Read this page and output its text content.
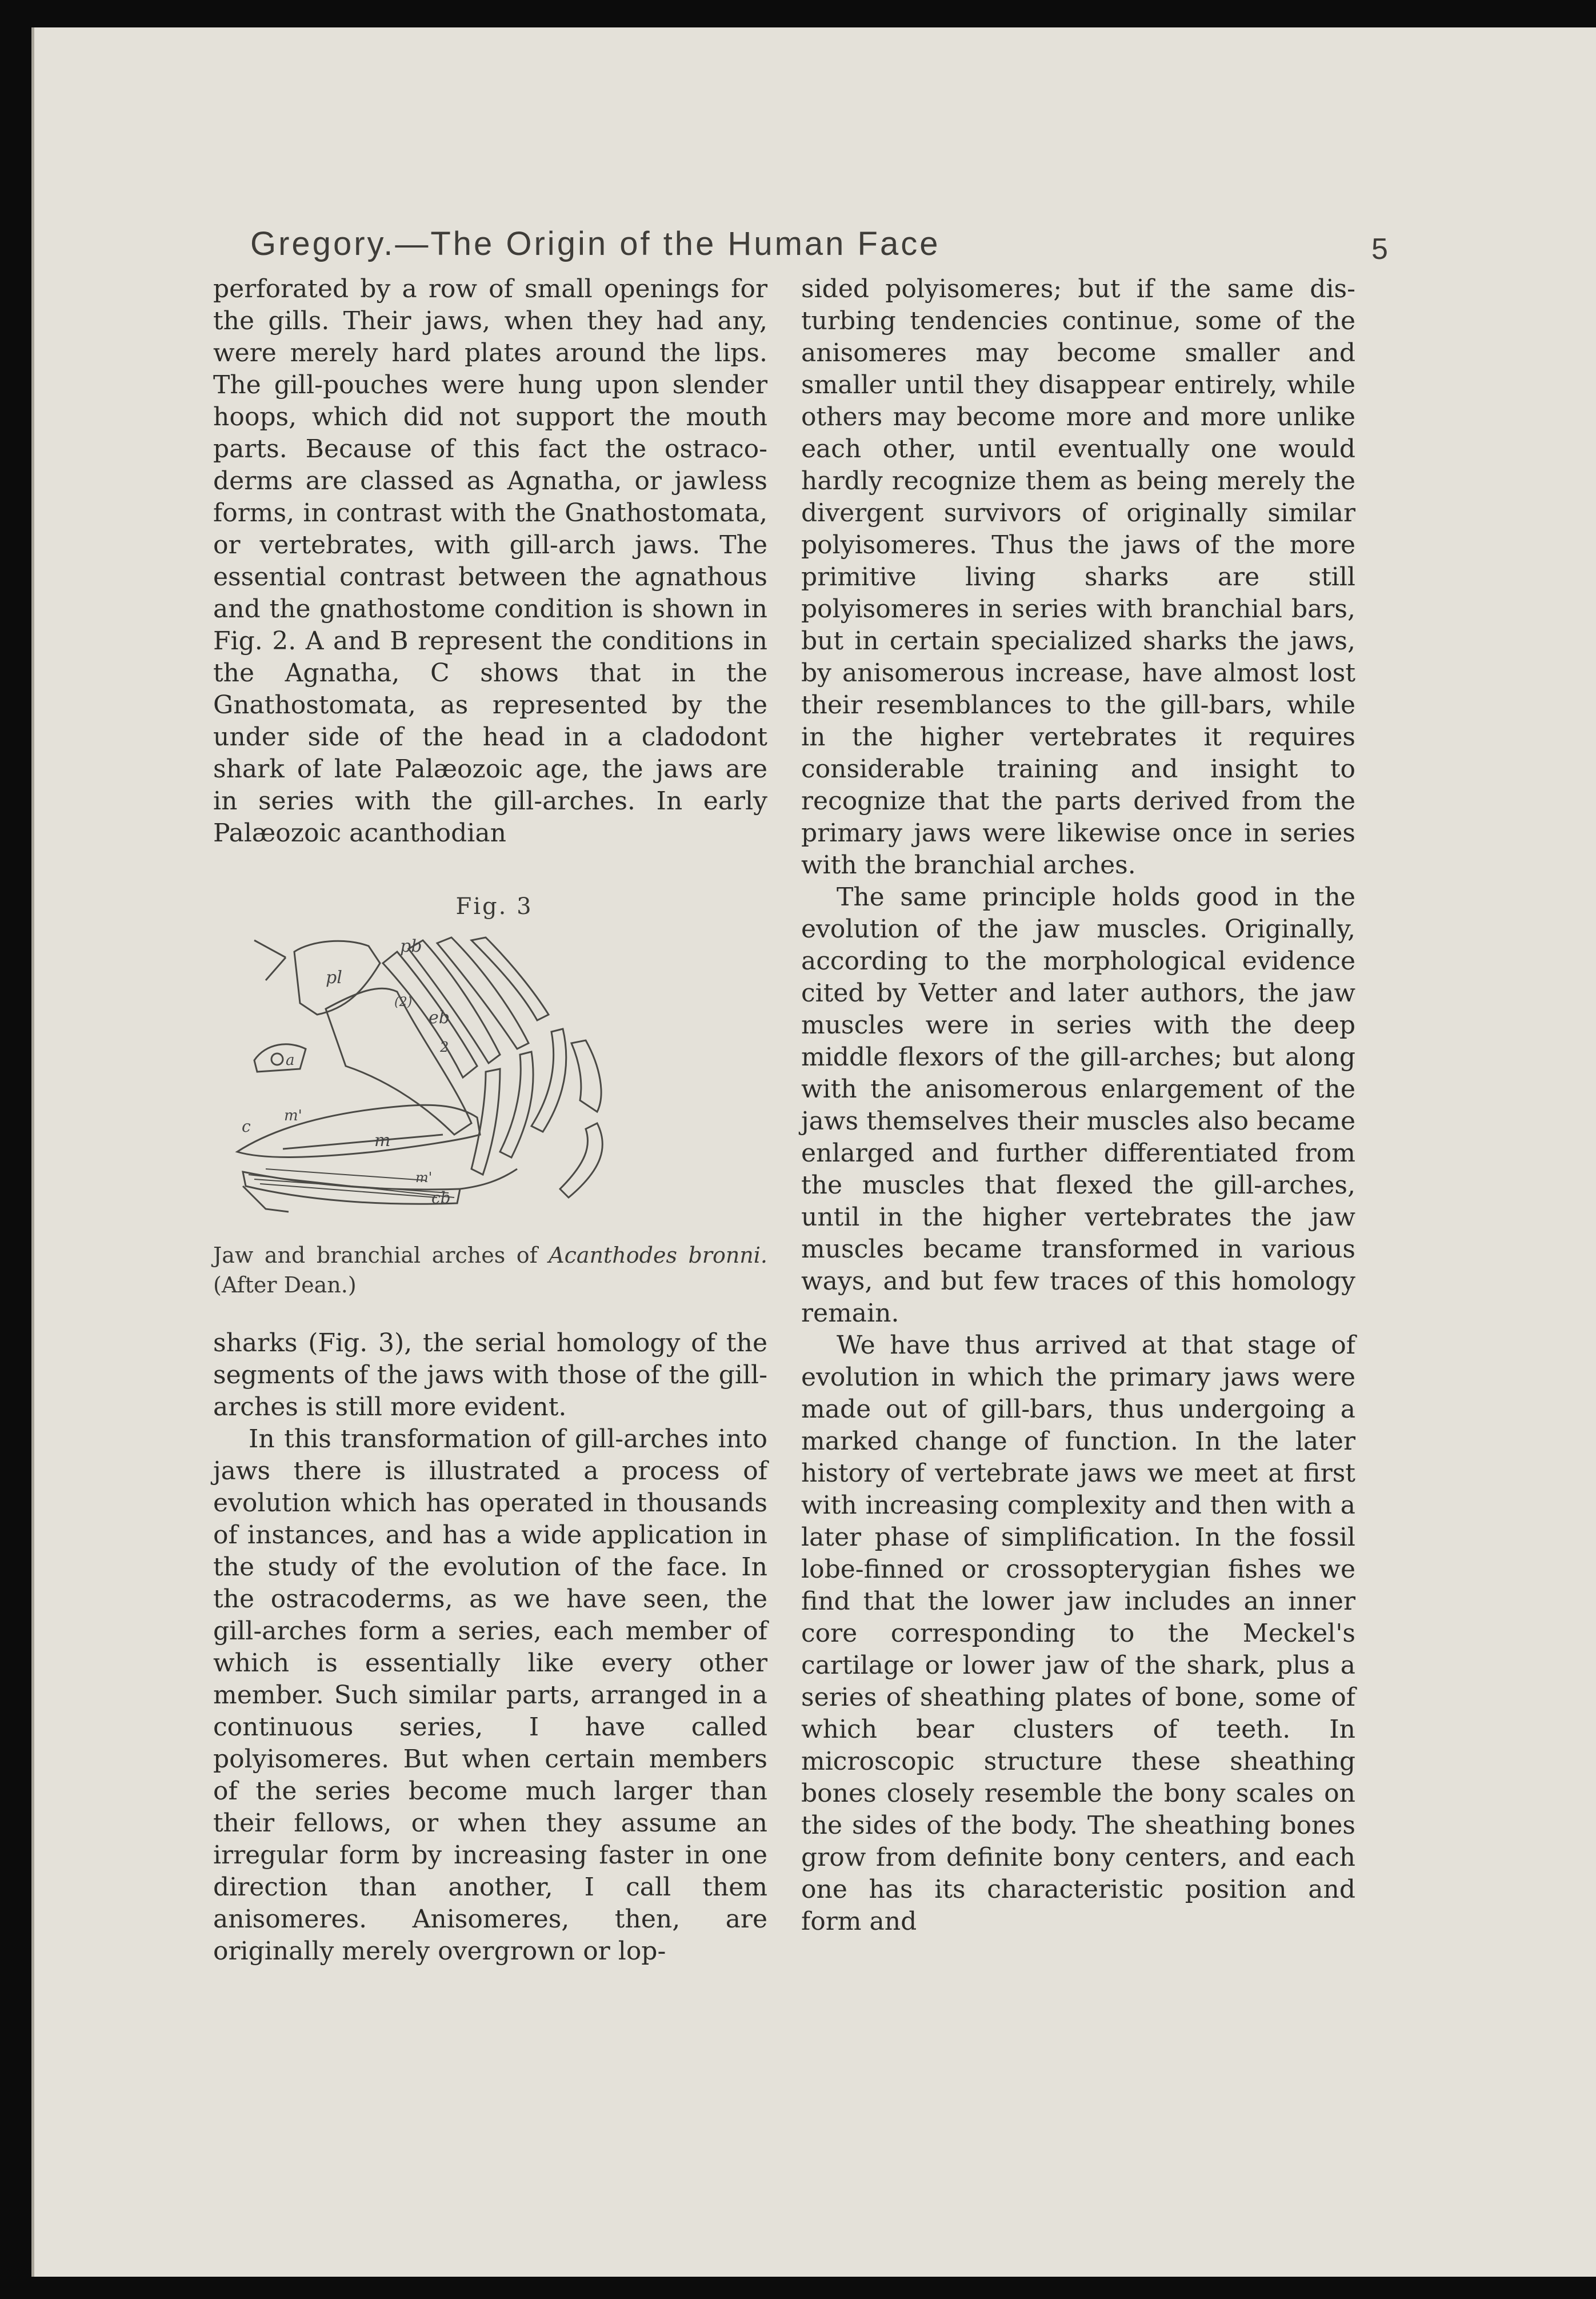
Gregory.—The Origin of the Human Face	5

perforated by a row of small openings for the gills. Their jaws, when they had any, were merely hard plates around the lips. The gill-pouches were hung upon slender hoops, which did not support the mouth parts. Because of this fact the ostracoderms are classed as Agnatha, or jawless forms, in contrast with the Gnathostomata, or vertebrates, with gill-arch jaws. The essential contrast between the agnathous and the gnathostome condition is shown in Fig. 2. A and B represent the conditions in the Agnatha, C shows that in the Gnathostomata, as represented by the under side of the head in a cladodont shark of late Palæozoic age, the jaws are in series with the gill-arches. In early Palæozoic acanthodian

Fig. 3
pb
pl
(2)
eb
2
a
c
m'
m
m'
cb
Jaw and branchial arches of Acanthodes bronni. (After Dean.)

sharks (Fig. 3), the serial homology of the segments of the jaws with those of the gill-arches is still more evident.

In this transformation of gill-arches into jaws there is illustrated a process of evolution which has operated in thousands of instances, and has a wide application in the study of the evolution of the face. In the ostracoderms, as we have seen, the gill-arches form a series, each member of which is essentially like every other member. Such similar parts, arranged in a continuous series, I have called polyisomeres. But when certain members of the series become much larger than their fellows, or when they assume an irregular form by increasing faster in one direction than another, I call them anisomeres. Anisomeres, then, are originally merely overgrown or lop-

sided polyisomeres; but if the same disturbing tendencies continue, some of the anisomeres may become smaller and smaller until they disappear entirely, while others may become more and more unlike each other, until eventually one would hardly recognize them as being merely the divergent survivors of originally similar polyisomeres. Thus the jaws of the more primitive living sharks are still polyisomeres in series with branchial bars, but in certain specialized sharks the jaws, by anisomerous increase, have almost lost their resemblances to the gill-bars, while in the higher vertebrates it requires considerable training and insight to recognize that the parts derived from the primary jaws were likewise once in series with the branchial arches.

The same principle holds good in the evolution of the jaw muscles. Originally, according to the morphological evidence cited by Vetter and later authors, the jaw muscles were in series with the deep middle flexors of the gill-arches; but along with the anisomerous enlargement of the jaws themselves their muscles also became enlarged and further differentiated from the muscles that flexed the gill-arches, until in the higher vertebrates the jaw muscles became transformed in various ways, and but few traces of this homology remain.

We have thus arrived at that stage of evolution in which the primary jaws were made out of gill-bars, thus undergoing a marked change of function. In the later history of vertebrate jaws we meet at first with increasing complexity and then with a later phase of simplification. In the fossil lobe-finned or crossopterygian fishes we find that the lower jaw includes an inner core corresponding to the Meckel's cartilage or lower jaw of the shark, plus a series of sheathing plates of bone, some of which bear clusters of teeth. In microscopic structure these sheathing bones closely resemble the bony scales on the sides of the body. The sheathing bones grow from definite bony centers, and each one has its characteristic position and form and
